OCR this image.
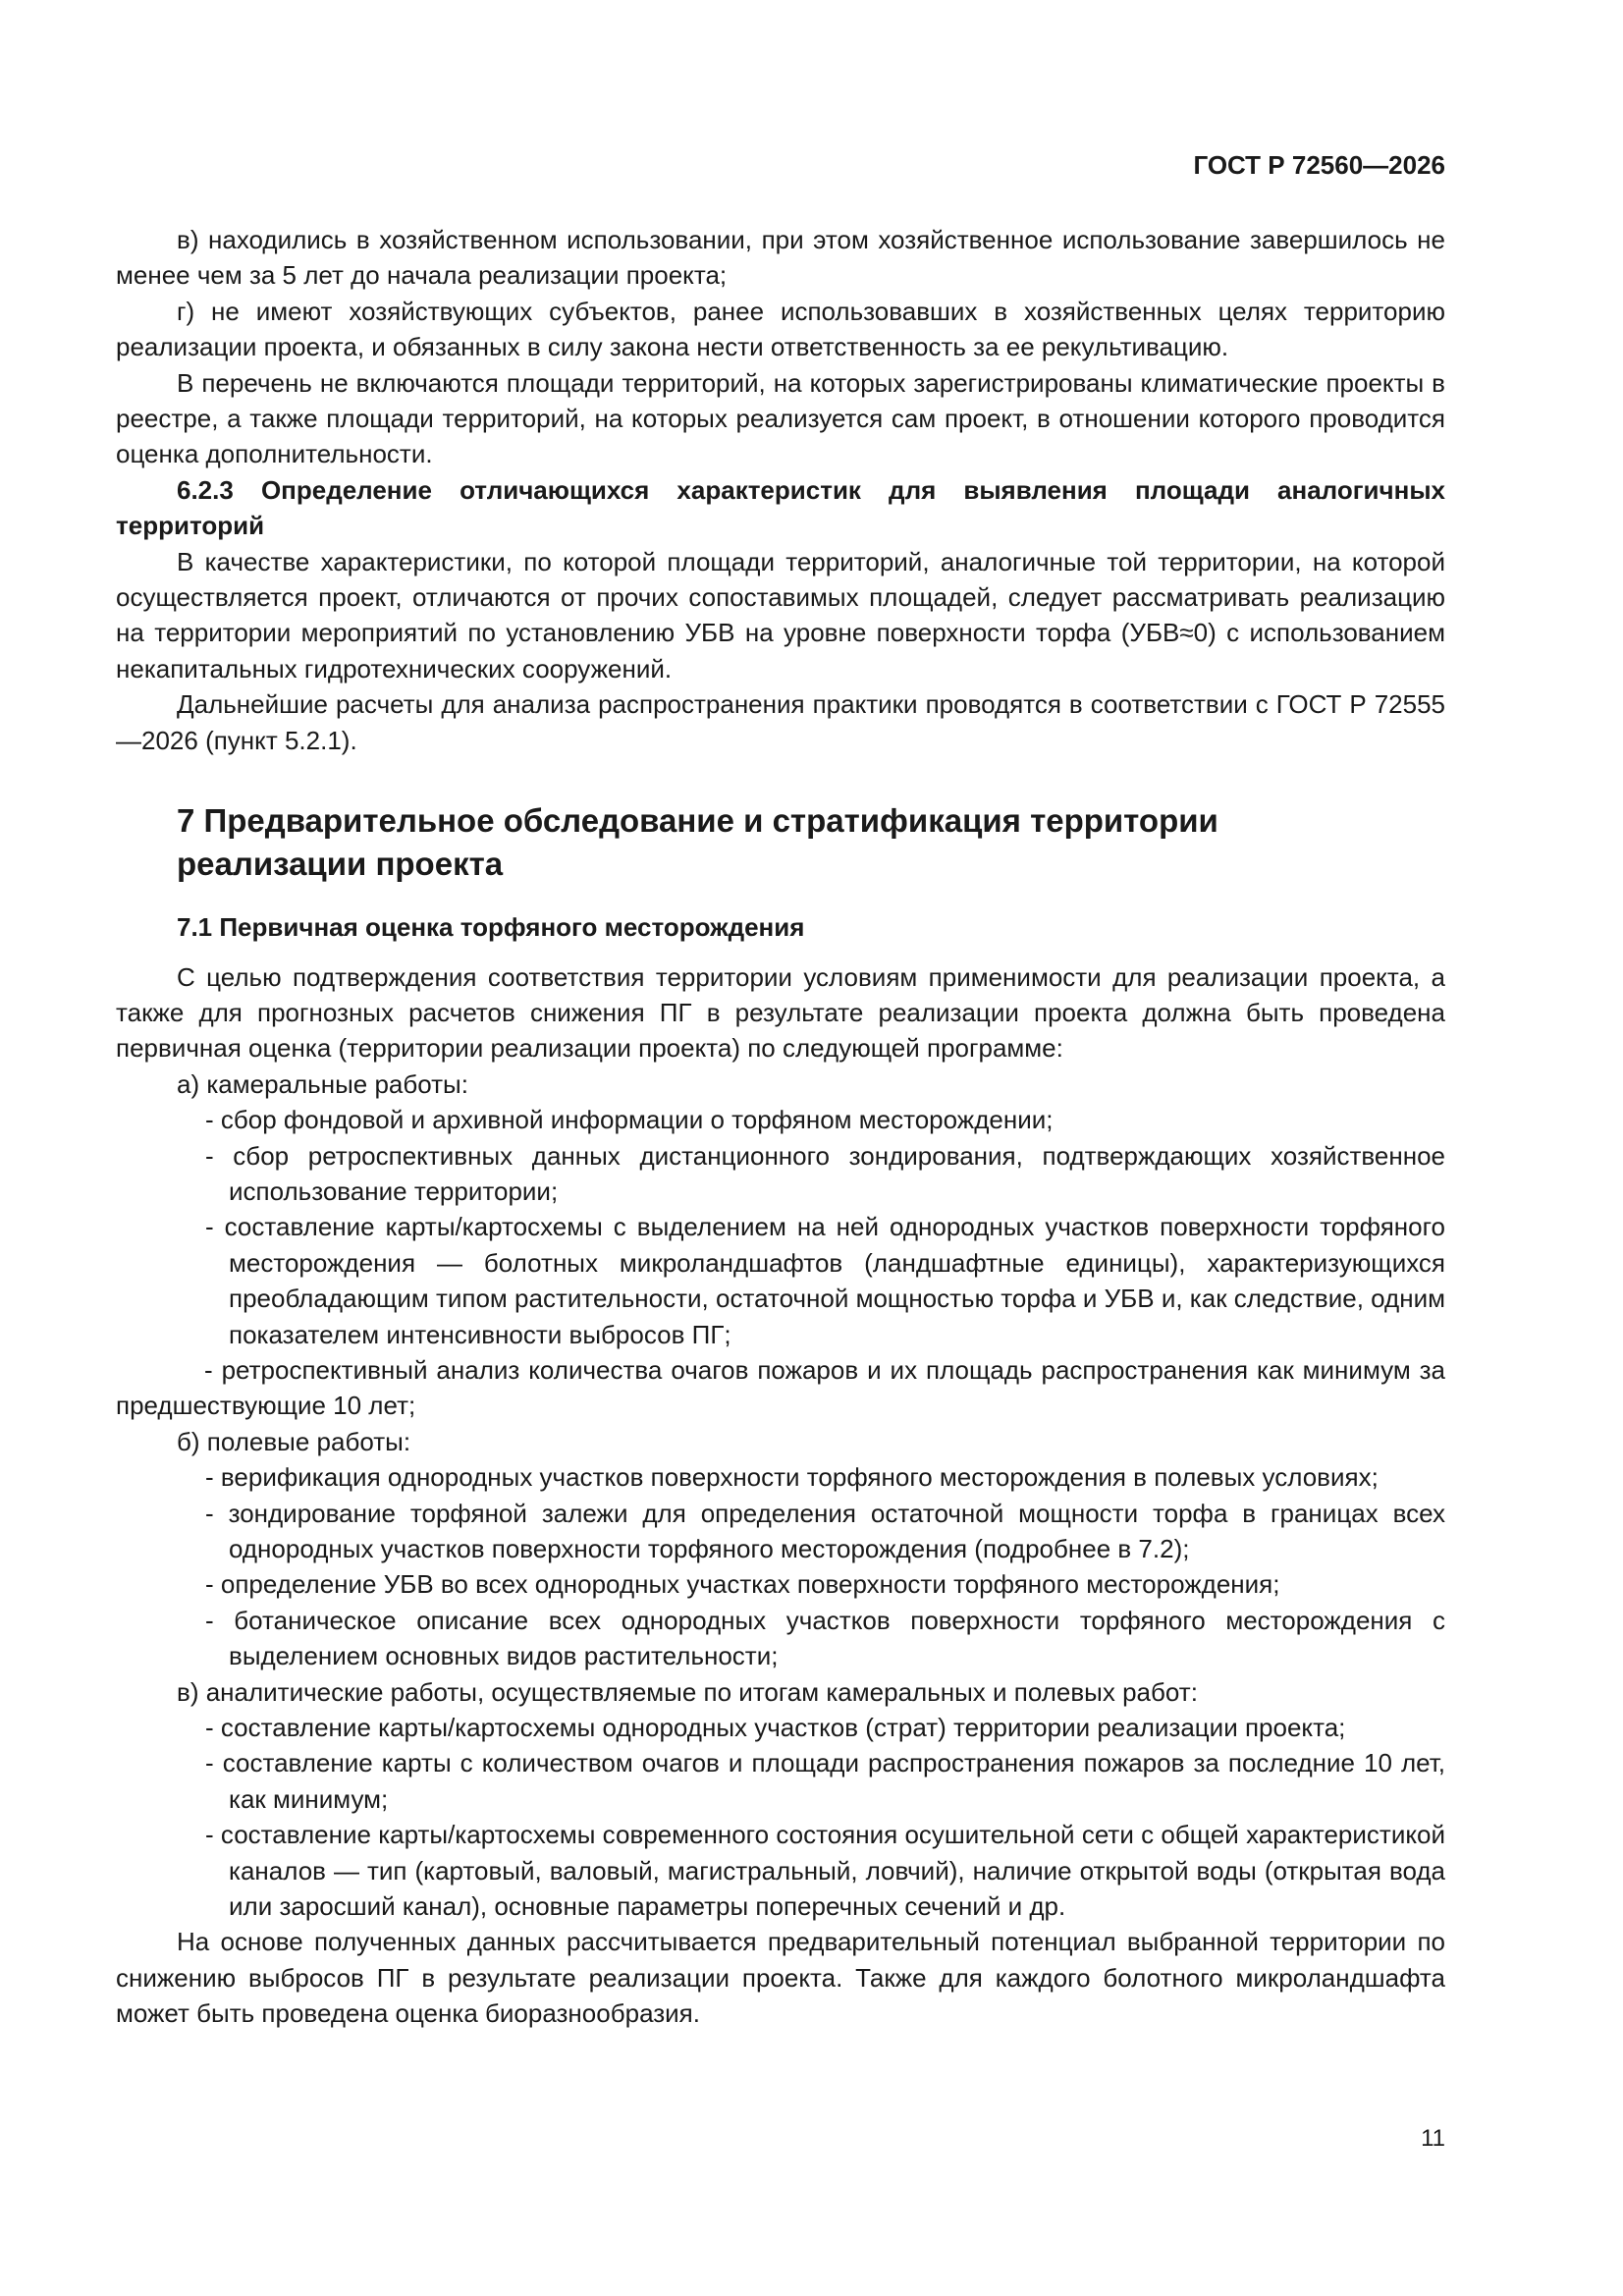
ГОСТ Р 72560—2026

в) находились в хозяйственном использовании, при этом хозяйственное использование завершилось не менее чем за 5 лет до начала реализации проекта;

г) не имеют хозяйствующих субъектов, ранее использовавших в хозяйственных целях территорию реализации проекта, и обязанных в силу закона нести ответственность за ее рекультивацию.

В перечень не включаются площади территорий, на которых зарегистрированы климатические проекты в реестре, а также площади территорий, на которых реализуется сам проект, в отношении которого проводится оценка дополнительности.

6.2.3 Определение отличающихся характеристик для выявления площади аналогичных территорий

В качестве характеристики, по которой площади территорий, аналогичные той территории, на которой осуществляется проект, отличаются от прочих сопоставимых площадей, следует рассматривать реализацию на территории мероприятий по установлению УБВ на уровне поверхности торфа (УБВ≈0) с использованием некапитальных гидротехнических сооружений.

Дальнейшие расчеты для анализа распространения практики проводятся в соответствии с ГОСТ Р 72555—2026 (пункт 5.2.1).

7 Предварительное обследование и стратификация территории
реализации проекта
7.1 Первичная оценка торфяного месторождения

С целью подтверждения соответствия территории условиям применимости для реализации проекта, а также для прогнозных расчетов снижения ПГ в результате реализации проекта должна быть проведена первичная оценка (территории реализации проекта) по следующей программе:

а) камеральные работы:

- сбор фондовой и архивной информации о торфяном месторождении;

- сбор ретроспективных данных дистанционного зондирования, подтверждающих хозяйственное использование территории;

- составление карты/картосхемы с выделением на ней однородных участков поверхности торфяного месторождения — болотных микроландшафтов (ландшафтные единицы), характеризующихся преобладающим типом растительности, остаточной мощностью торфа и УБВ и, как следствие, одним показателем интенсивности выбросов ПГ;

- ретроспективный анализ количества очагов пожаров и их площадь распространения как минимум за предшествующие 10 лет;

б) полевые работы:

- верификация однородных участков поверхности торфяного месторождения в полевых условиях;

- зондирование торфяной залежи для определения остаточной мощности торфа в границах всех однородных участков поверхности торфяного месторождения (подробнее в 7.2);

- определение УБВ во всех однородных участках поверхности торфяного месторождения;

- ботаническое описание всех однородных участков поверхности торфяного месторождения с выделением основных видов растительности;

в) аналитические работы, осуществляемые по итогам камеральных и полевых работ:

- составление карты/картосхемы однородных участков (страт) территории реализации проекта;

- составление карты с количеством очагов и площади распространения пожаров за последние 10 лет, как минимум;

- составление карты/картосхемы современного состояния осушительной сети с общей характеристикой каналов — тип (картовый, валовый, магистральный, ловчий), наличие открытой воды (открытая вода или заросший канал), основные параметры поперечных сечений и др.

На основе полученных данных рассчитывается предварительный потенциал выбранной территории по снижению выбросов ПГ в результате реализации проекта. Также для каждого болотного микроландшафта может быть проведена оценка биоразнообразия.

11
